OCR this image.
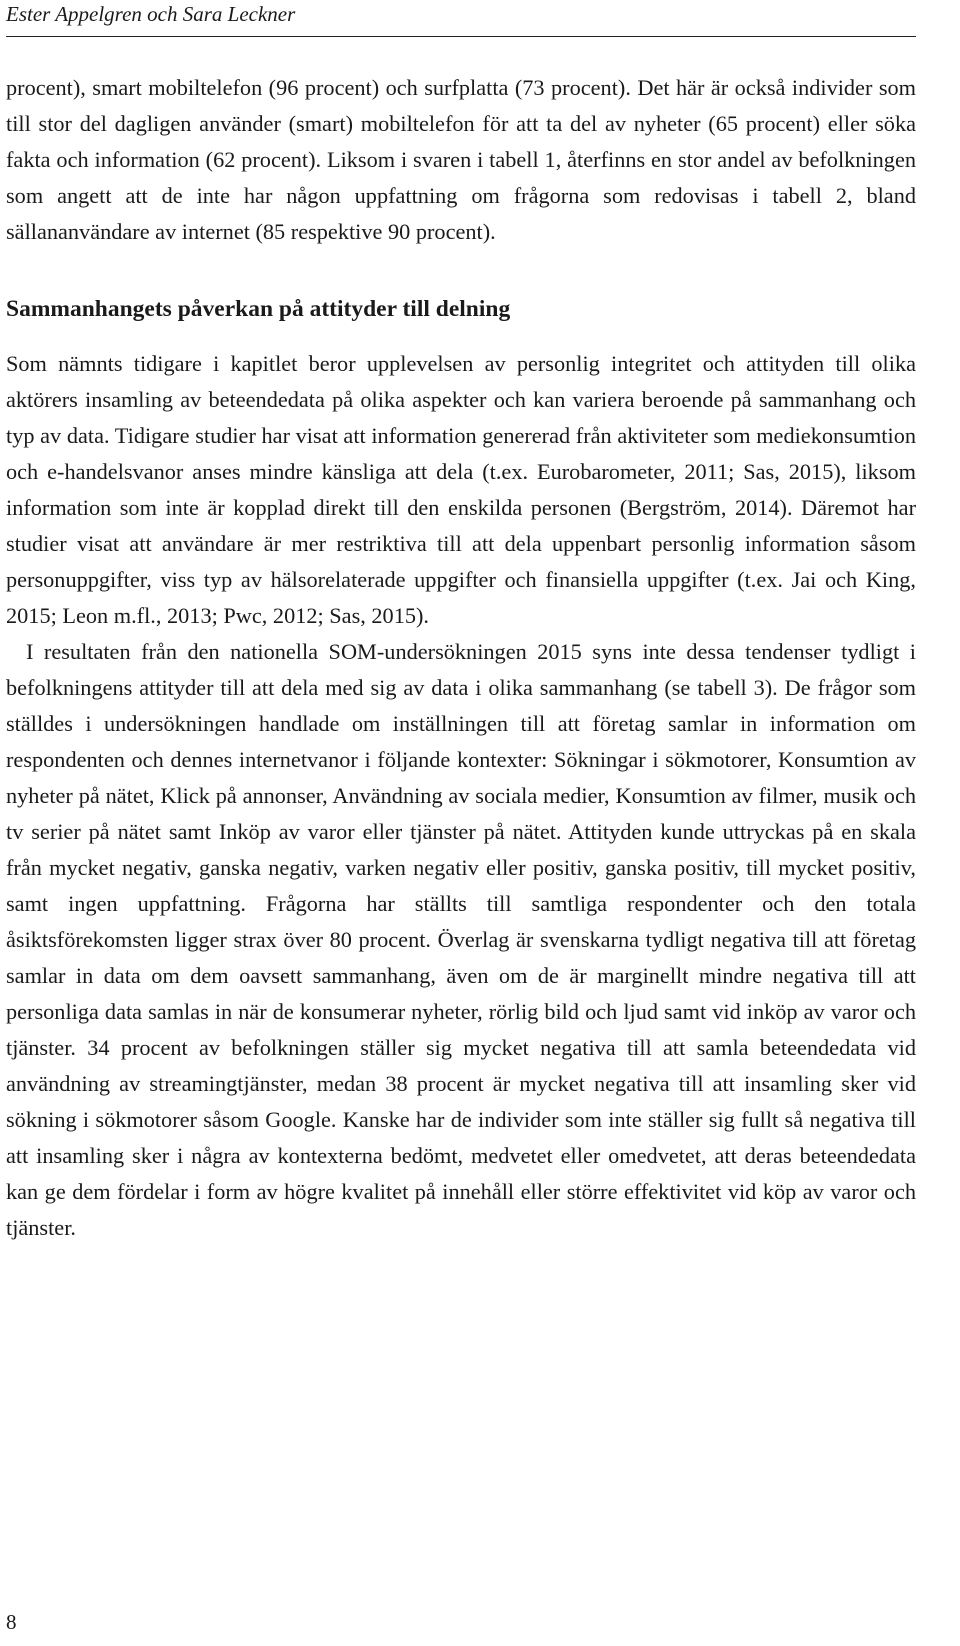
Ester Appelgren och Sara Leckner

procent), smart mobiltelefon (96 procent) och surfplatta (73 procent). Det här är också individer som till stor del dagligen använder (smart) mobiltelefon för att ta del av nyheter (65 procent) eller söka fakta och information (62 procent). Liksom i svaren i tabell 1, återfinns en stor andel av befolkningen som angett att de inte har någon uppfattning om frågorna som redovisas i tabell 2, bland sällananvändare av internet (85 respektive 90 procent).

Sammanhangets påverkan på attityder till delning

Som nämnts tidigare i kapitlet beror upplevelsen av personlig integritet och attityden till olika aktörers insamling av beteendedata på olika aspekter och kan variera beroende på sammanhang och typ av data. Tidigare studier har visat att information genererad från aktiviteter som mediekonsumtion och e-handelsvanor anses mindre känsliga att dela (t.ex. Eurobarometer, 2011; Sas, 2015), liksom information som inte är kopplad direkt till den enskilda personen (Bergström, 2014). Däremot har studier visat att användare är mer restriktiva till att dela uppenbart personlig information såsom personuppgifter, viss typ av hälsorelaterade uppgifter och finansiella uppgifter (t.ex. Jai och King, 2015; Leon m.fl., 2013; Pwc, 2012; Sas, 2015).

I resultaten från den nationella SOM-undersökningen 2015 syns inte dessa tendenser tydligt i befolkningens attityder till att dela med sig av data i olika sammanhang (se tabell 3). De frågor som ställdes i undersökningen handlade om inställningen till att företag samlar in information om respondenten och dennes internetvanor i följande kontexter: Sökningar i sökmotorer, Konsumtion av nyheter på nätet, Klick på annonser, Användning av sociala medier, Konsumtion av filmer, musik och tv serier på nätet samt Inköp av varor eller tjänster på nätet. Attityden kunde uttryckas på en skala från mycket negativ, ganska negativ, varken negativ eller positiv, ganska positiv, till mycket positiv, samt ingen uppfattning. Frågorna har ställts till samtliga respondenter och den totala åsiktsförekomsten ligger strax över 80 procent. Överlag är svenskarna tydligt negativa till att företag samlar in data om dem oavsett sammanhang, även om de är marginellt mindre negativa till att personliga data samlas in när de konsumerar nyheter, rörlig bild och ljud samt vid inköp av varor och tjänster. 34 procent av befolkningen ställer sig mycket negativa till att samla beteendedata vid användning av streamingtjänster, medan 38 procent är mycket negativa till att insamling sker vid sökning i sökmotorer såsom Google. Kanske har de individer som inte ställer sig fullt så negativa till att insamling sker i några av kontexterna bedömt, medvetet eller omedvetet, att deras beteendedata kan ge dem fördelar i form av högre kvalitet på innehåll eller större effektivitet vid köp av varor och tjänster.

8
